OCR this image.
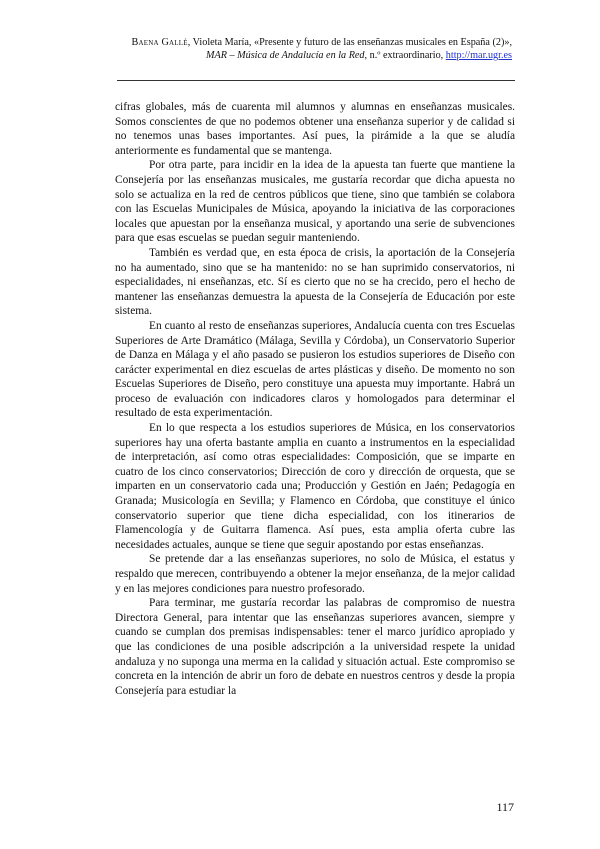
Baena Gallé, Violeta María, «Presente y futuro de las enseñanzas musicales en España (2)»,
MAR – Música de Andalucía en la Red, n.º extraordinario, http://mar.ugr.es

cifras globales, más de cuarenta mil alumnos y alumnas en enseñanzas musicales. Somos conscientes de que no podemos obtener una enseñanza superior y de calidad si no tenemos unas bases importantes. Así pues, la pirámide a la que se aludía anteriormente es fundamental que se mantenga.

Por otra parte, para incidir en la idea de la apuesta tan fuerte que mantiene la Consejería por las enseñanzas musicales, me gustaría recordar que dicha apuesta no solo se actualiza en la red de centros públicos que tiene, sino que también se colabora con las Escuelas Municipales de Música, apoyando la iniciativa de las corporaciones locales que apuestan por la enseñanza musical, y aportando una serie de subvenciones para que esas escuelas se puedan seguir manteniendo.

También es verdad que, en esta época de crisis, la aportación de la Consejería no ha aumentado, sino que se ha mantenido: no se han suprimido conservatorios, ni especialidades, ni enseñanzas, etc. Sí es cierto que no se ha crecido, pero el hecho de mantener las enseñanzas demuestra la apuesta de la Consejería de Educación por este sistema.

En cuanto al resto de enseñanzas superiores, Andalucía cuenta con tres Escuelas Superiores de Arte Dramático (Málaga, Sevilla y Córdoba), un Conservatorio Superior de Danza en Málaga y el año pasado se pusieron los estudios superiores de Diseño con carácter experimental en diez escuelas de artes plásticas y diseño. De momento no son Escuelas Superiores de Diseño, pero constituye una apuesta muy importante. Habrá un proceso de evaluación con indicadores claros y homologados para determinar el resultado de esta experimentación.

En lo que respecta a los estudios superiores de Música, en los conservatorios superiores hay una oferta bastante amplia en cuanto a instrumentos en la especialidad de interpretación, así como otras especialidades: Composición, que se imparte en cuatro de los cinco conservatorios; Dirección de coro y dirección de orquesta, que se imparten en un conservatorio cada una; Producción y Gestión en Jaén; Pedagogía en Granada; Musicología en Sevilla; y Flamenco en Córdoba, que constituye el único conservatorio superior que tiene dicha especialidad, con los itinerarios de Flamencología y de Guitarra flamenca. Así pues, esta amplia oferta cubre las necesidades actuales, aunque se tiene que seguir apostando por estas enseñanzas.

Se pretende dar a las enseñanzas superiores, no solo de Música, el estatus y respaldo que merecen, contribuyendo a obtener la mejor enseñanza, de la mejor calidad y en las mejores condiciones para nuestro profesorado.

Para terminar, me gustaría recordar las palabras de compromiso de nuestra Directora General, para intentar que las enseñanzas superiores avancen, siempre y cuando se cumplan dos premisas indispensables: tener el marco jurídico apropiado y que las condiciones de una posible adscripción a la universidad respete la unidad andaluza y no suponga una merma en la calidad y situación actual. Este compromiso se concreta en la intención de abrir un foro de debate en nuestros centros y desde la propia Consejería para estudiar la

117
